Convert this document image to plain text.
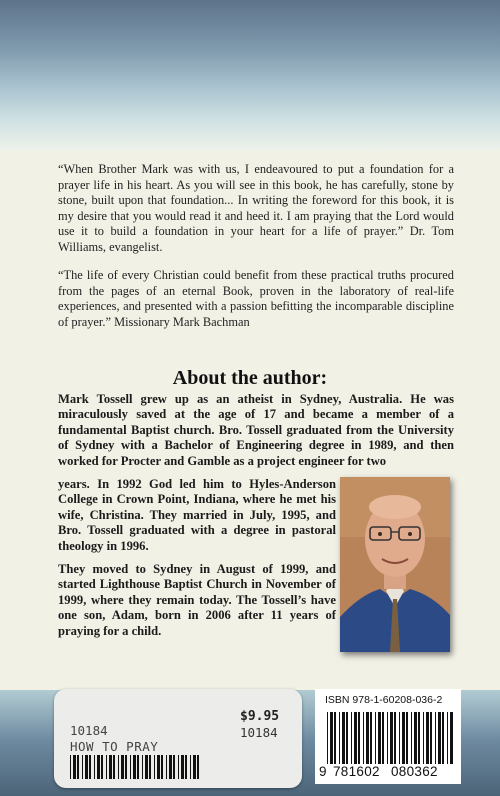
“When Brother Mark was with us, I endeavoured to put a foundation for a prayer life in his heart. As you will see in this book, he has carefully, stone by stone, built upon that foundation... In writing the foreword for this book, it is my desire that you would read it and heed it. I am praying that the Lord would use it to build a foundation in your heart for a life of prayer.” Dr. Tom Williams, evangelist.
“The life of every Christian could benefit from these practical truths procured from the pages of an eternal Book, proven in the laboratory of real-life experiences, and presented with a passion befitting the incomparable discipline of prayer.” Missionary Mark Bachman
About the author:
Mark Tossell grew up as an atheist in Sydney, Australia. He was miraculously saved at the age of 17 and became a member of a fundamental Baptist church. Bro. Tossell graduated from the University of Sydney with a Bachelor of Engineering degree in 1989, and then worked for Procter and Gamble as a project engineer for two
years. In 1992 God led him to Hyles-Anderson College in Crown Point, Indiana, where he met his wife, Christina. They married in July, 1995, and Bro. Tossell graduated with a degree in pastoral theology in 1996.
They moved to Sydney in August of 1999, and started Lighthouse Baptist Church in November of 1999, where they remain today. The Tossell’s have one son, Adam, born in 2006 after 11 years of praying for a child.
$9.95
10184
10184
HOW TO PRAY
ISBN 978-1-60208-036-2
9 781602 080362
